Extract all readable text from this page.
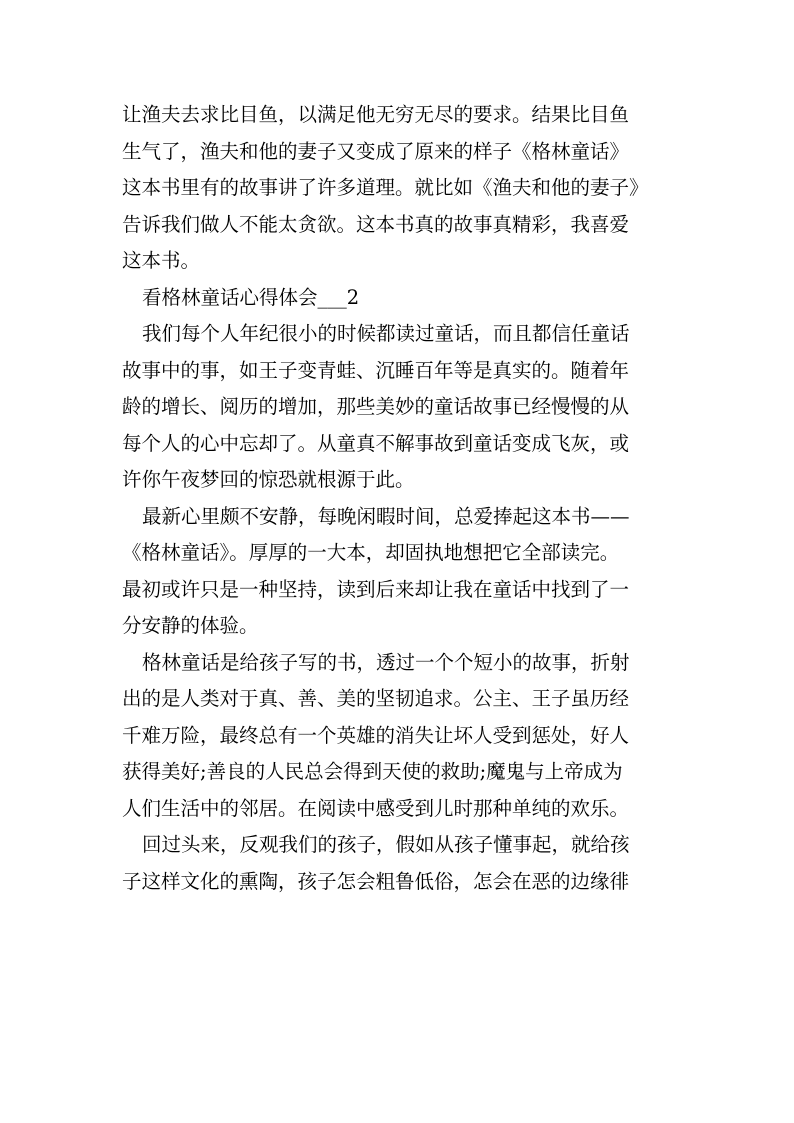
让渔夫去求比目鱼，以满足他无穷无尽的要求。结果比目鱼
生气了，渔夫和他的妻子又变成了原来的样子《格林童话》
这本书里有的故事讲了许多道理。就比如《渔夫和他的妻子》
告诉我们做人不能太贪欲。这本书真的故事真精彩，我喜爱
这本书。
看格林童话心得体会___2
我们每个人年纪很小的时候都读过童话，而且都信任童话
故事中的事，如王子变青蛙、沉睡百年等是真实的。随着年
龄的增长、阅历的增加，那些美妙的童话故事已经慢慢的从
每个人的心中忘却了。从童真不解事故到童话变成飞灰，或
许你午夜梦回的惊恐就根源于此。
最新心里颇不安静，每晚闲暇时间，总爱捧起这本书——
《格林童话》。厚厚的一大本，却固执地想把它全部读完。
最初或许只是一种坚持，读到后来却让我在童话中找到了一
分安静的体验。
格林童话是给孩子写的书，透过一个个短小的故事，折射
出的是人类对于真、善、美的坚韧追求。公主、王子虽历经
千难万险，最终总有一个英雄的消失让坏人受到惩处，好人
获得美好;善良的人民总会得到天使的救助;魔鬼与上帝成为
人们生活中的邻居。在阅读中感受到儿时那种单纯的欢乐。
回过头来，反观我们的孩子，假如从孩子懂事起，就给孩
子这样文化的熏陶，孩子怎会粗鲁低俗，怎会在恶的边缘徘
